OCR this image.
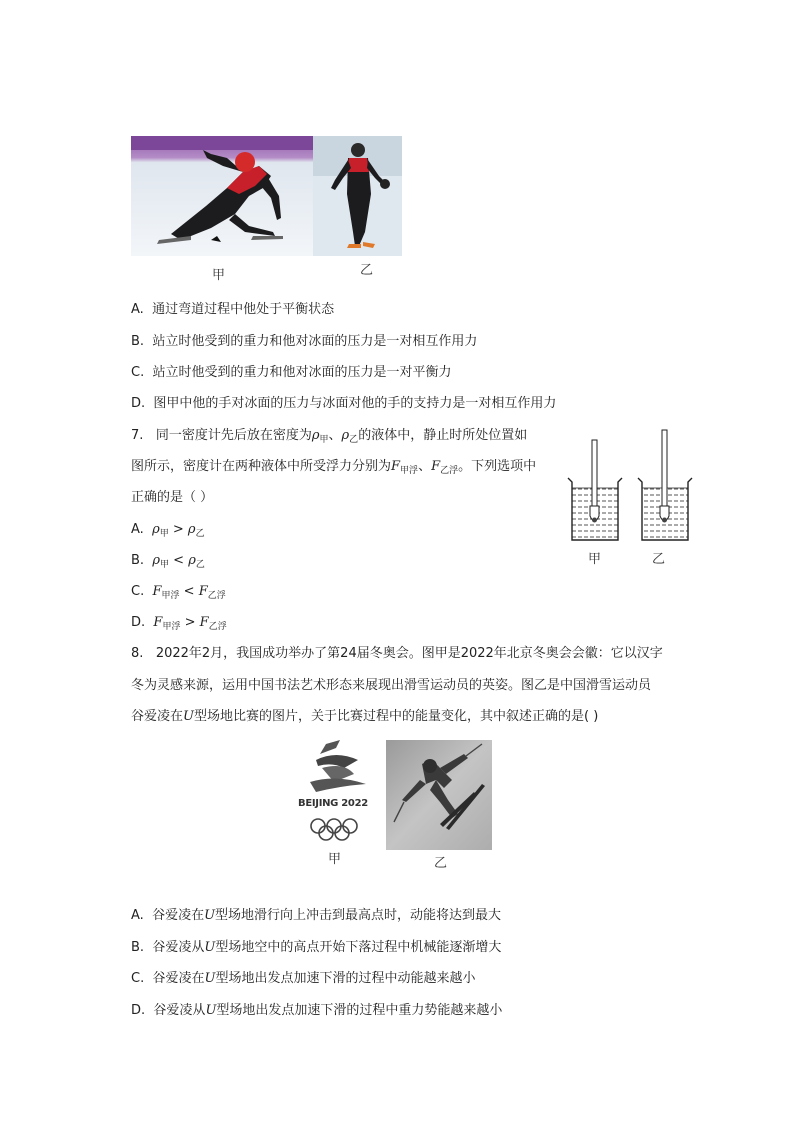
甲	乙
A. 通过弯道过程中他处于平衡状态
B. 站立时他受到的重力和他对冰面的压力是一对相互作用力
C. 站立时他受到的重力和他对冰面的压力是一对平衡力
D. 图甲中他的手对冰面的压力与冰面对他的手的支持力是一对相互作用力
7. 同一密度计先后放在密度为$\rho_甲$、$\rho_乙$的液体中，静止时所处位置如
图所示，密度计在两种液体中所受浮力分别为$F_{甲浮}$、$F_{乙浮}$。下列选项中
正确的是（ ）
A. $\rho_甲 > \rho_乙$
B. $\rho_甲 < \rho_乙$
C. $F_{甲浮} < F_{乙浮}$
D. $F_{甲浮} > F_{乙浮}$
甲	乙
8. 2022年2月，我国成功举办了第24届冬奥会。图甲是2022年北京冬奥会会徽：它以汉字
冬为灵感来源，运用中国书法艺术形态来展现出滑雪运动员的英姿。图乙是中国滑雪运动员
谷爱凌在U型场地比赛的图片，关于比赛过程中的能量变化，其中叙述正确的是( )
BEIJING 2022
甲	乙
A. 谷爱凌在U型场地滑行向上冲击到最高点时，动能将达到最大
B. 谷爱凌从U型场地空中的高点开始下落过程中机械能逐渐增大
C. 谷爱凌在U型场地出发点加速下滑的过程中动能越来越小
D. 谷爱凌从U型场地出发点加速下滑的过程中重力势能越来越小
